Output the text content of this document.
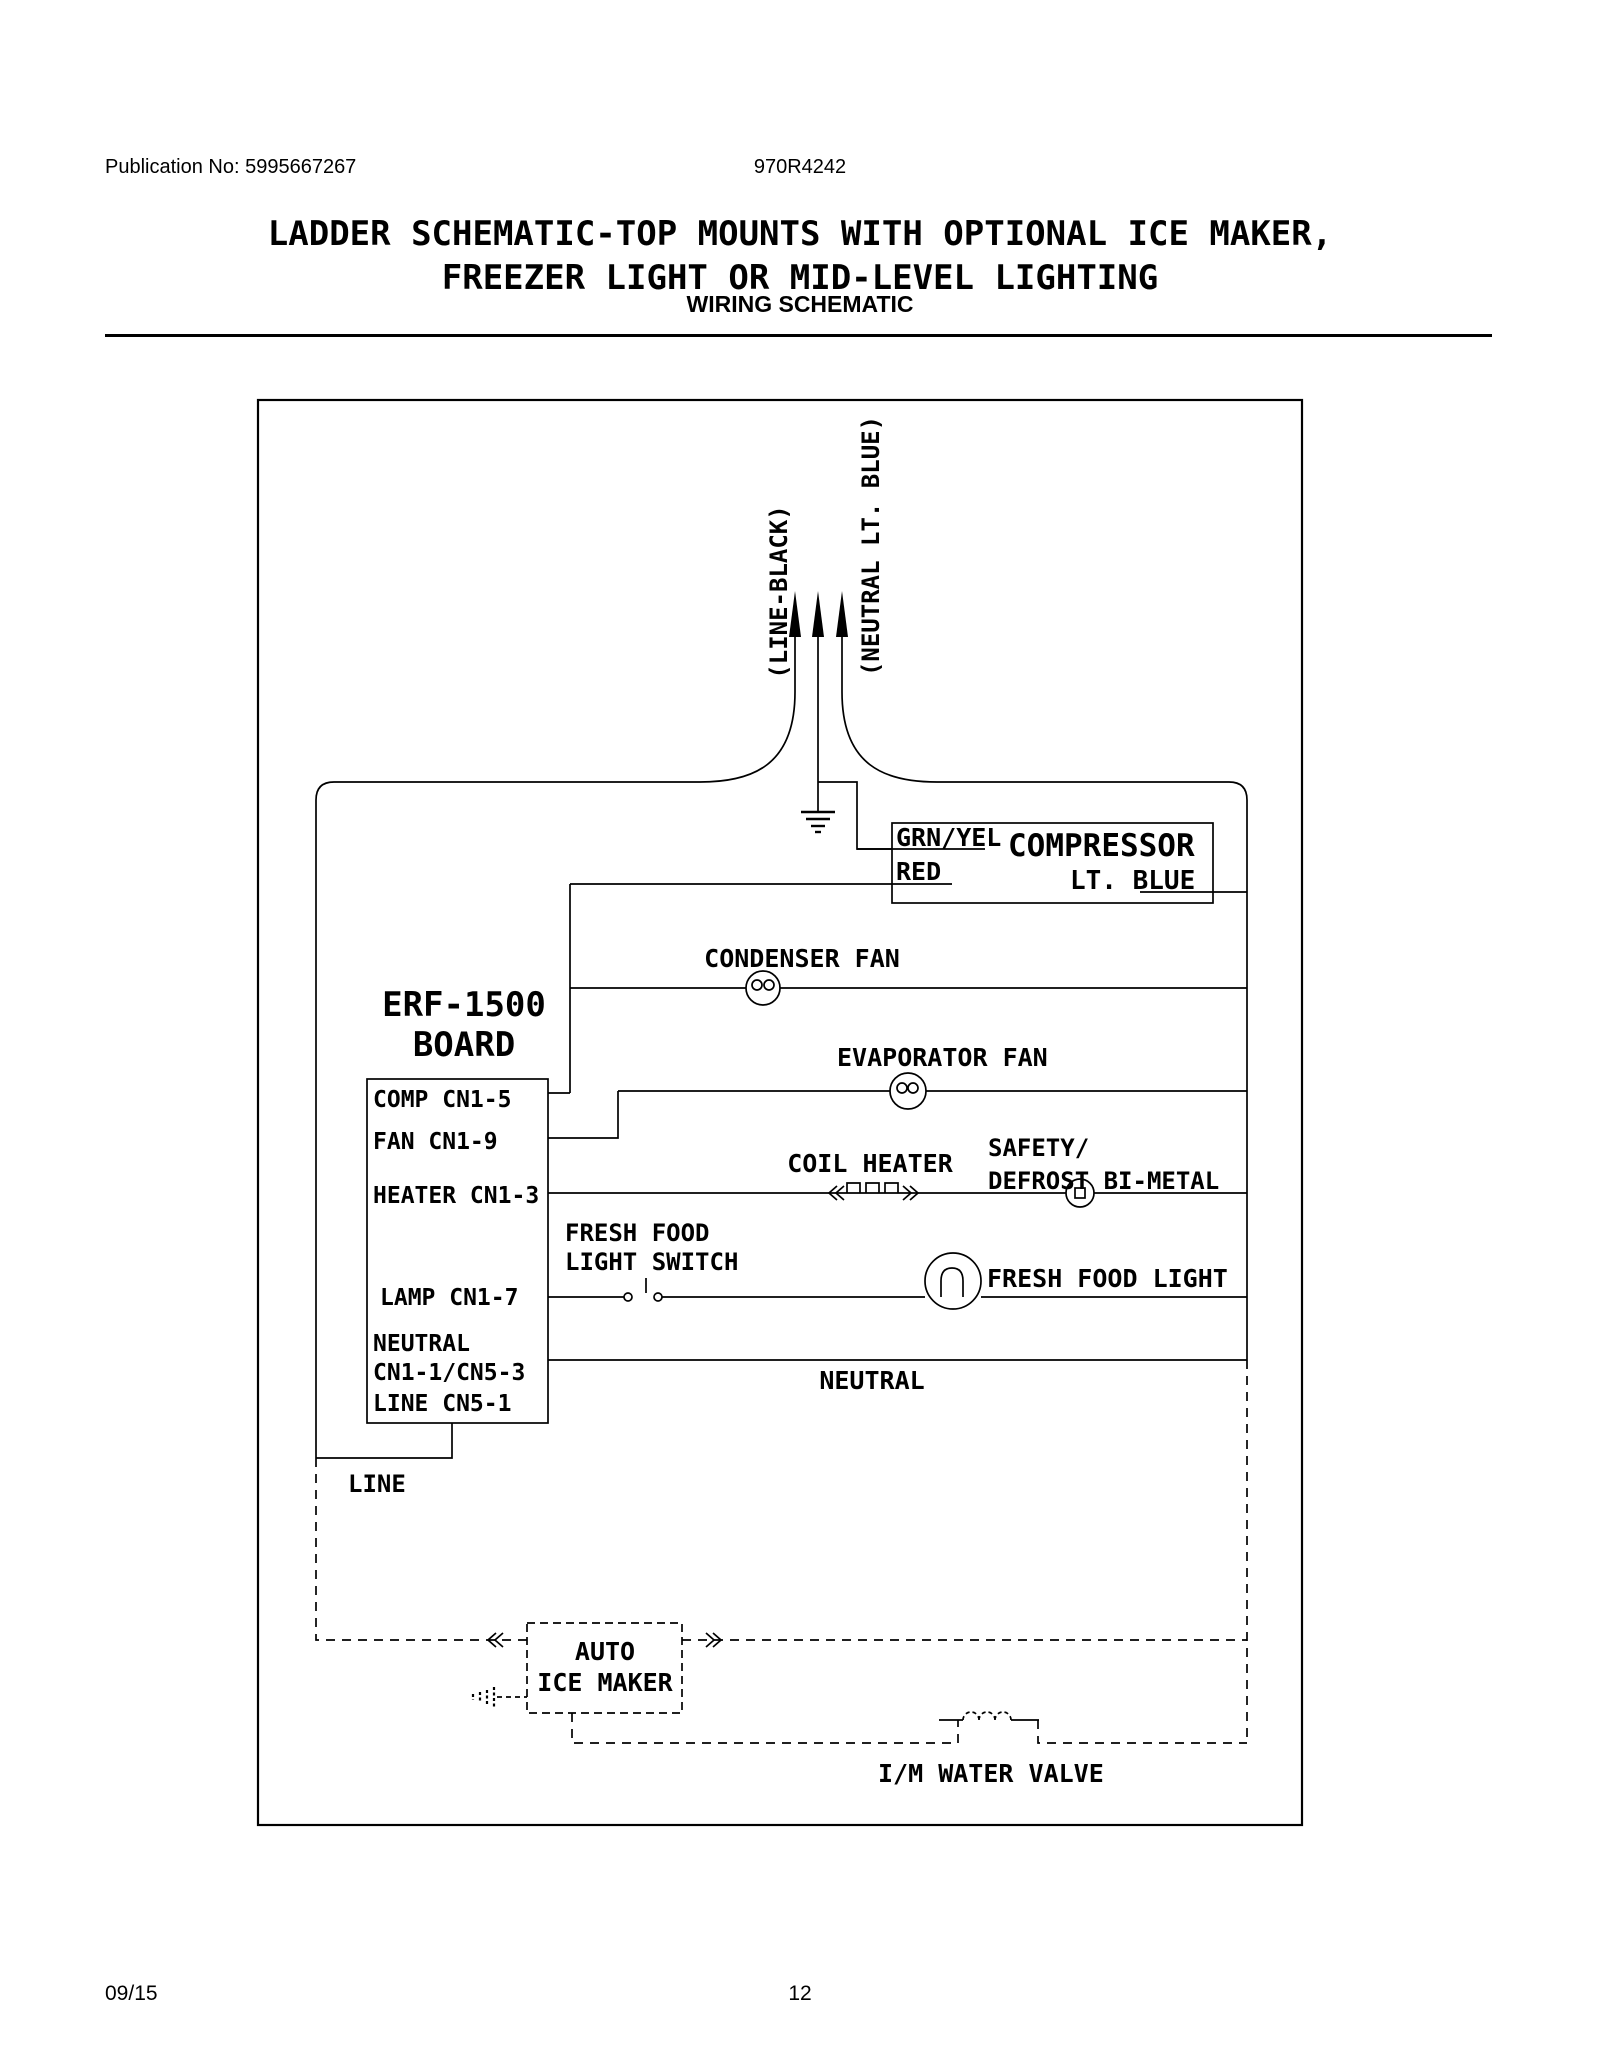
Publication No: 5995667267	970R4242
WIRING SCHEMATIC
LADDER SCHEMATIC-TOP MOUNTS WITH OPTIONAL ICE MAKER,
FREEZER LIGHT OR MID-LEVEL LIGHTING
(LINE-BLACK)	(NEUTRAL LT. BLUE)
GRN/YEL COMPRESSOR
RED	LT. BLUE
CONDENSER FAN
EVAPORATOR FAN
COIL HEATER
SAFETY/
DEFROST BI-METAL
FRESH FOOD
LIGHT SWITCH
FRESH FOOD LIGHT
NEUTRAL
LINE
ERF-1500
BOARD
COMP CN1-5
FAN CN1-9
HEATER CN1-3
LAMP CN1-7
NEUTRAL
CN1-1/CN5-3
LINE CN5-1
AUTO
ICE MAKER
I/M WATER VALVE
09/15	12
